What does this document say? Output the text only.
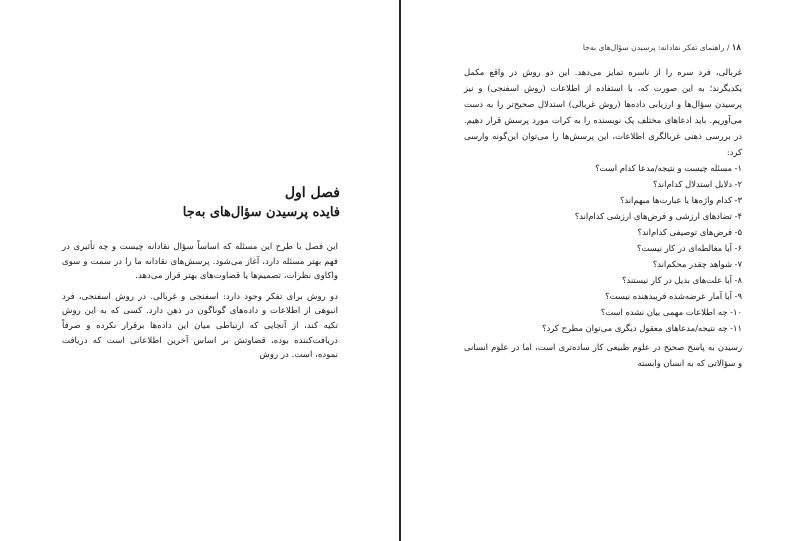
فصل اول
فایده پرسیدن سؤال‌های به‌جا

این فصل با طرح این مسئله که اساساً سؤال نقادانه چیست و چه تأثیری در فهم بهتر مسئله دارد، آغاز می‌شود. پرسش‌های نقادانه ما را در سمت و سوی واکاوی نظرات، تصمیم‌ها یا قضاوت‌های بهتر قرار می‌دهد.

دو روش برای تفکر وجود دارد: اسفنجی و غربالی. در روش اسفنجی، فرد انبوهی از اطلاعات و داده‌های گوناگون در ذهن دارد. کسی که به این روش تکیه کند، از آنجایی که ارتباطی میان این داده‌ها برقرار نکرده و صرفاً دریافت‌کننده بوده، قضاوتش بر اساس آخرین اطلاعاتی است که دریافت نموده، است. در روش

۱۸ / راهنمای تفکر نقادانه: پرسیدن سؤال‌های به‌جا

غربالی، فرد سره را از ناسره تمایز می‌دهد. این دو روش در واقع مکمل یکدیگرند؛ به این صورت که، با استفاده از اطلاعات (روش اسفنجی) و نیز پرسیدن سؤال‌ها و ارزیابی داده‌ها (روش غربالی) استدلال صحیح‌تر را به دست می‌آوریم. باید ادعاهای مختلف یک نویسنده را به کرات مورد پرسش قرار دهیم. در بررسی ذهنی غربالگری اطلاعات، این پرسش‌ها را می‌توان این‌گونه وارسی کرد:

۱- مسئله چیست و نتیجه/مدعا کدام است؟
۲- دلایل استدلال کدام‌اند؟
۳- کدام واژه‌ها یا عبارت‌ها مبهم‌اند؟
۴- تضادهای ارزشی و فرض‌های ارزشی کدام‌اند؟
۵- فرض‌های توصیفی کدام‌اند؟
۶- آیا مغالطه‌ای در کار نیست؟
۷- شواهد چقدر محکم‌اند؟
۸- آیا علت‌های بدیل در کار نیستند؟
۹- آیا آمار عرضه‌شده فریبدهنده نیست؟
۱۰- چه اطلاعات مهمی بیان نشده است؟
۱۱- چه نتیجه‌/مدعاهای معقول دیگری می‌توان مطرح کرد؟

رسیدن به پاسخ صحیح در علوم طبیعی کار ساده‌تری است، اما در علوم انسانی و سؤالاتی که به انسان وابسته
